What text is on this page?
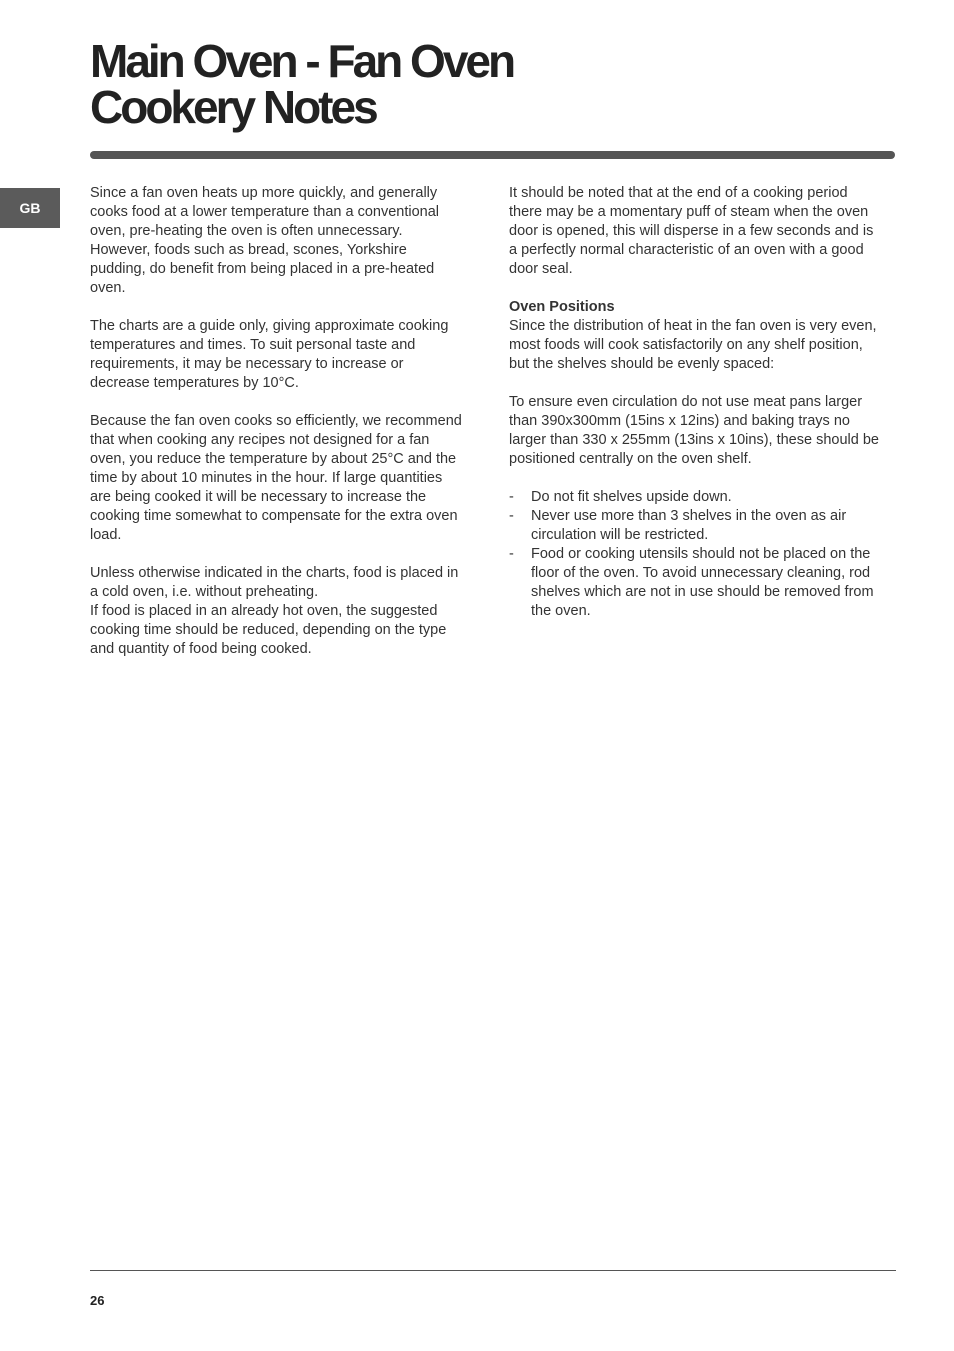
Main Oven - Fan Oven
Cookery Notes
GB

Since a fan oven heats up more quickly, and generally cooks food at a lower temperature than a conventional oven, pre-heating the oven is often unnecessary. However, foods such as bread, scones, Yorkshire pudding, do benefit from being placed in a pre-heated oven.

The charts are a guide only, giving approximate cooking temperatures and times. To suit personal taste and requirements, it may be necessary to increase or decrease temperatures by 10°C.

Because the fan oven cooks so efficiently, we recommend that when cooking any recipes not designed for a fan oven, you reduce the temperature by about 25°C and the time by about 10 minutes in the hour. If large quantities are being cooked it will be necessary to increase the cooking time somewhat to compensate for the extra oven load.

Unless otherwise indicated in the charts, food is placed in a cold oven, i.e. without preheating.

If food is placed in an already hot oven, the suggested cooking time should be reduced, depending on the type and quantity of food being cooked.

It should be noted that at the end of a cooking period there may be a momentary puff of steam when the oven door is opened, this will disperse in a few seconds and is a perfectly normal characteristic of an oven with a good door seal.

Oven Positions

Since the distribution of heat in the fan oven is very even, most foods will cook satisfactorily on any shelf position, but the shelves should be evenly spaced:

To ensure even circulation do not use meat pans larger than 390x300mm (15ins x 12ins) and baking trays no larger than 330 x 255mm (13ins x 10ins), these should be positioned centrally on the oven shelf.

- Do not fit shelves upside down.
- Never use more than 3 shelves in the oven as air circulation will be restricted.
- Food or cooking utensils should not be placed on the floor of the oven. To avoid unnecessary cleaning, rod shelves which are not in use should be removed from the oven.
26
